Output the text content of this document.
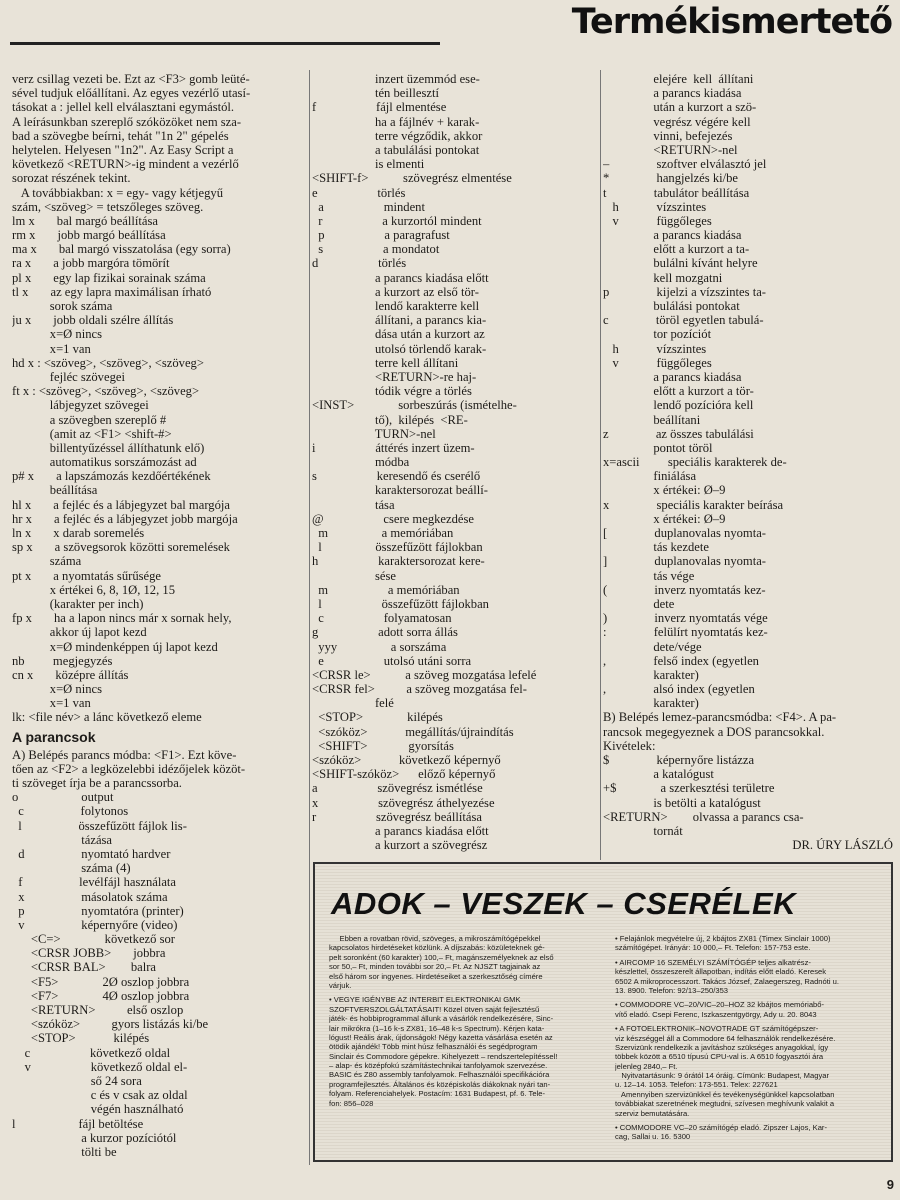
Termékismertető
verz csillag vezeti be. Ezt az <F3> gomb leüté-
sével tudjuk előállítani. Az egyes vezérlő utasí-
tásokat a : jellel kell elválasztani egymástól.
A leírásunkban szereplő szóközöket nem sza-
bad a szövegbe beírni, tehát "1n 2" gépelés
helytelen. Helyesen "1n2". Az Easy Script a
következő <RETURN>-ig mindent a vezérlő
sorozat részének tekint.
A továbbiakban: x = egy- vagy kétjegyű
szám, <szöveg> = tetszőleges szöveg.
lm x       bal margó beállítása
rm x       jobb margó beállítása
ma x       bal margó visszatolása (egy sorra)
ra x       a jobb margóra tömörít
pl x       egy lap fizikai sorainak száma
tl x       az egy lapra maximálisan írható
sorok száma
ju x       jobb oldali szélre állítás
x=Ø nincs
x=1 van
hd x : <szöveg>, <szöveg>, <szöveg>
fejléc szövegei
ft x : <szöveg>, <szöveg>, <szöveg>
lábjegyzet szövegei
a szövegben szereplő #
(amit az <F1> <shift-#>
billentyűzéssel állíthatunk elő)
automatikus sorszámozást ad
p# x       a lapszámozás kezdőértékének
beállítása
hl x       a fejléc és a lábjegyzet bal margója
hr x       a fejléc és a lábjegyzet jobb margója
ln x       x darab soremelés
sp x       a szövegsorok közötti soremelések
száma
pt x       a nyomtatás sűrűsége
x értékei 6, 8, 1Ø, 12, 15
(karakter per inch)
fp x       ha a lapon nincs már x sornak hely,
akkor új lapot kezd
x=Ø mindenképpen új lapot kezd
nb         megjegyzés
cn x       középre állítás
x=Ø nincs
x=1 van
lk: <file név> a lánc következő eleme
A parancsok
A) Belépés parancs módba: <F1>. Ezt köve-
tően az <F2> a legközelebbi idézőjelek közöt-
ti szöveget írja be a parancssorba.
o                    output
c                  folytonos
l                  összefűzött fájlok lis-
tázása
d                  nyomtató hardver
száma (4)
f                  levélfájl használata
x                  másolatok száma
p                  nyomtatóra (printer)
v                  képernyőre (video)
<C=>              következő sor
<CRSR JOBB>       jobbra
<CRSR BAL>        balra
<F5>              2Ø oszlop jobbra
<F7>              4Ø oszlop jobbra
<RETURN>          első oszlop
<szóköz>          gyors listázás ki/be
<STOP>            kilépés
c                   következő oldal
v                   következő oldal el-
ső 24 sora
c és v csak az oldal
végén használható
l                    fájl betöltése
a kurzor pozíciótól
tölti be
inzert üzemmód ese-
tén beillesztí
f                   fájl elmentése
ha a fájlnév + karak-
terre végződik, akkor
a tabulálási pontokat
is elmenti
<SHIFT-f>           szövegrész elmentése
e                   törlés
a                   mindent
r                   a kurzortól mindent
p                   a paragrafust
s                   a mondatot
d                   törlés
a parancs kiadása előtt
a kurzort az első tör-
lendő karakterre kell
állítani, a parancs kia-
dása után a kurzort az
utolsó törlendő karak-
terre kell állítani
<RETURN>-re haj-
tódik végre a törlés
<INST>              sorbeszúrás (ismételhe-
tő),  kilépés  <RE-
TURN>-nel
i                   áttérés inzert üzem-
módba
s                   keresendő és cserélő
karaktersorozat beállí-
tása
@                   csere megkezdése
m                 a memóriában
l                 összefűzött fájlokban
h                   karaktersorozat kere-
sése
m                   a memóriában
l                   összefűzött fájlokban
c                   folyamatosan
g                   adott sorra állás
yyy                 a sorszáma
e                   utolsó utáni sorra
<CRSR le>           a szöveg mozgatása lefelé
<CRSR fel>          a szöveg mozgatása fel-
felé
<STOP>              kilépés
<szóköz>            megállítás/újraindítás
<SHIFT>             gyorsítás
<szóköz>            következő képernyő
<SHIFT-szóköz>      előző képernyő
a                   szövegrész ismétlése
x                   szövegrész áthelyezése
r                   szövegrész beállítása
a parancs kiadása előtt
a kurzort a szövegrész
elejére  kell  állítani
a parancs kiadása
után a kurzort a szö-
vegrész végére kell
vinni, befejezés
<RETURN>-nel
–               szoftver elválasztó jel
*               hangjelzés ki/be
t               tabulátor beállítása
h            vízszintes
v            függőleges
a parancs kiadása
előtt a kurzort a ta-
bulálni kívánt helyre
kell mozgatni
p               kijelzi a vízszintes ta-
bulálási pontokat
c               töröl egyetlen tabulá-
tor pozíciót
h            vízszintes
v            függőleges
a parancs kiadása
előtt a kurzort a tör-
lendő pozícióra kell
beállítani
z               az összes tabulálási
pontot töröl
x=ascii         speciális karakterek de-
finiálása
x értékei: Ø–9
x               speciális karakter beírása
x értékei: Ø–9
[               duplanovalas nyomta-
tás kezdete
]               duplanovalas nyomta-
tás vége
(               inverz nyomtatás kez-
dete
)               inverz nyomtatás vége
:               felülírt nyomtatás kez-
dete/vége
,               felső index (egyetlen
karakter)
,               alsó index (egyetlen
karakter)
B) Belépés lemez-parancsmódba: <F4>. A pa-
rancsok megegyeznek a DOS parancsokkal.
Kivételek:
$               képernyőre listázza
a katalógust
+$              a szerkesztési területre
is betölti a katalógust
<RETURN>        olvassa a parancs csa-
tornát
DR. ÚRY LÁSZLÓ
ADOK – VESZEK – CSERÉLEK
Ebben a rovatban rövid, szöveges, a mikroszámítógépekkel
kapcsolatos hirdetéseket közlünk. A díjszabás: közületeknek gé-
pelt soronként (60 karakter) 100,– Ft, magánszemélyeknek az első
sor 50,– Ft, minden további sor 20,– Ft. Az NJSZT tagjainak az
első három sor ingyenes. Hirdetéseiket a szerkesztőség címére
várjuk.
• VEGYE IGÉNYBE AZ INTERBIT ELEKTRONIKAI GMK
SZOFTVERSZOLGÁLTATÁSAIT! Közel ötven saját fejlesztésű
játék- és hobbiprogrammal állunk a vásárlók rendelkezésére, Sinc-
lair mikrókra (1–16 k-s ZX81, 16–48 k-s Spectrum). Kérjen kata-
lógust! Reális árak, újdonságok! Négy kazetta vásárlása esetén az
ötödik ajándék! Több mint húsz felhasználói és segédprogram
Sinclair és Commodore gépekre. Kihelyezett – rendszertelepítéssel!
– alap- és középfokú számítástechnikai tanfolyamok szervezése.
BASIC és Z80 assembly tanfolyamok. Felhasználói specifikációra
programfejlesztés. Általános és középiskolás diákoknak nyári tan-
folyam. Referenciahelyek. Postacím: 1631 Budapest, pf. 6. Tele-
fon: 856–028
• Felajánlok megvételre új, 2 kbájtos ZX81 (Timex Sinclair 1000)
számítógépet. Irányár: 10 000,– Ft. Telefon: 157-753 este.
• AIRCOMP 16 SZEMÉLYI SZÁMÍTÓGÉP teljes alkatrész-
készlettel, összeszerelt állapotban, indítás előtt eladó. Keresek
6502 A mikroprocesszort. Takács József, Zalaegerszeg, Radnóti u.
13. 8900. Telefon: 92/13–250/353
• COMMODORE VC–20/VIC–20–HOZ 32 kbájtos memóriabő-
vítő eladó. Csepi Ferenc, Iszkaszentgyörgy, Ady u. 20. 8043
• A FOTOELEKTRONIK–NOVOTRADE GT számítógépszer-
viz készséggel áll a Commodore 64 felhasználók rendelkezésére.
Szervizünk rendelkezik a javításhoz szükséges anyagokkal, így
többek között a 6510 típusú CPU-val is. A 6510 fogyasztói ára
jelenleg 2840,– Ft.
Nyitvatartásunk: 9 órától 14 óráig. Címünk: Budapest, Magyar
u. 12–14. 1053. Telefon: 173-551. Telex: 227621
Amennyiben szervizünkkel és tevékenységünkkel kapcsolatban
továbbiakat szeretnének megtudni, szívesen meghívunk valakit a
szerviz bemutatására.
• COMMODORE VC–20 számítógép eladó. Zipszer Lajos, Kar-
cag, Sallai u. 16. 5300
9
